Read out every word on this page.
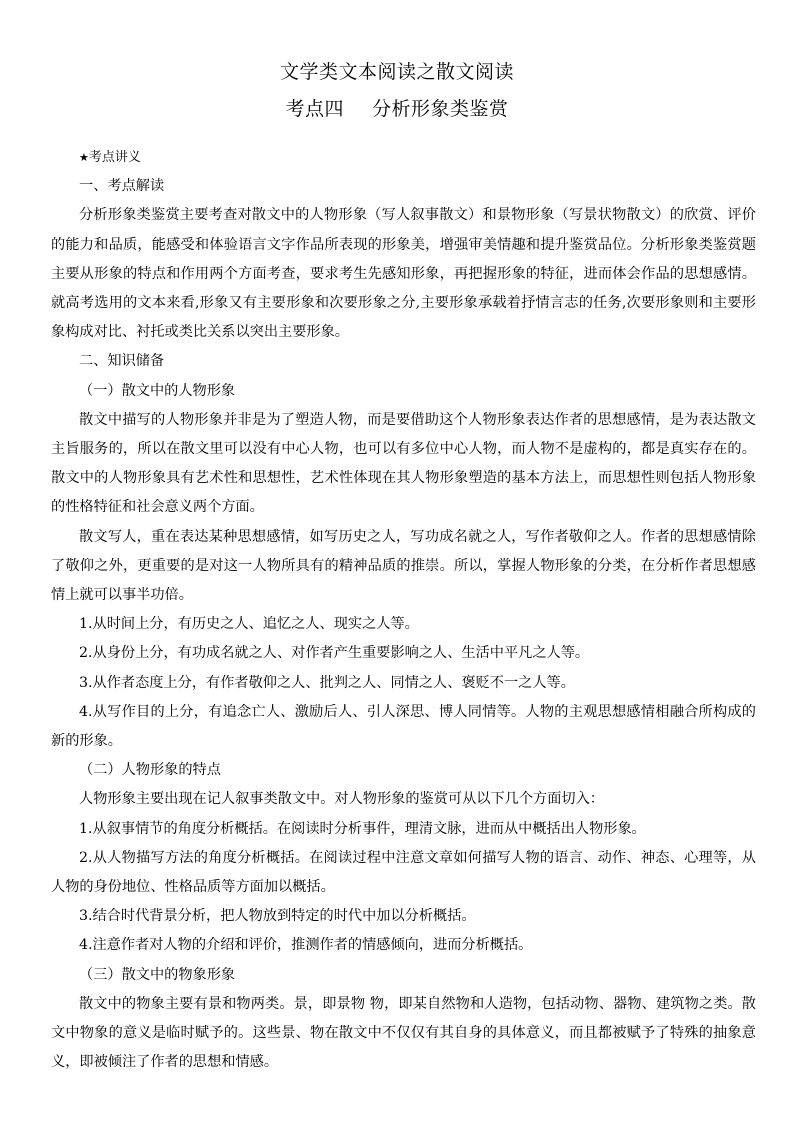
文学类文本阅读之散文阅读
考点四 分析形象类鉴赏

★考点讲义

一、考点解读

分析形象类鉴赏主要考查对散文中的人物形象（写人叙事散文）和景物形象（写景状物散文）的欣赏、评价的能力和品质，能感受和体验语言文字作品所表现的形象美，增强审美情趣和提升鉴赏品位。分析形象类鉴赏题主要从形象的特点和作用两个方面考查，要求考生先感知形象，再把握形象的特征，进而体会作品的思想感情。就高考选用的文本来看,形象又有主要形象和次要形象之分,主要形象承载着抒情言志的任务,次要形象则和主要形象构成对比、衬托或类比关系以突出主要形象。

二、知识储备

（一）散文中的人物形象

散文中描写的人物形象并非是为了塑造人物，而是要借助这个人物形象表达作者的思想感情，是为表达散文主旨服务的，所以在散文里可以没有中心人物，也可以有多位中心人物，而人物不是虚构的，都是真实存在的。散文中的人物形象具有艺术性和思想性，艺术性体现在其人物形象塑造的基本方法上，而思想性则包括人物形象的性格特征和社会意义两个方面。

散文写人，重在表达某种思想感情，如写历史之人，写功成名就之人，写作者敬仰之人。作者的思想感情除了敬仰之外，更重要的是对这一人物所具有的精神品质的推崇。所以，掌握人物形象的分类，在分析作者思想感情上就可以事半功倍。

1.从时间上分，有历史之人、追忆之人、现实之人等。

2.从身份上分，有功成名就之人、对作者产生重要影响之人、生活中平凡之人等。

3.从作者态度上分，有作者敬仰之人、批判之人、同情之人、褒贬不一之人等。

4.从写作目的上分，有追念亡人、激励后人、引人深思、博人同情等。人物的主观思想感情相融合所构成的新的形象。

（二）人物形象的特点

人物形象主要出现在记人叙事类散文中。对人物形象的鉴赏可从以下几个方面切入：

1.从叙事情节的角度分析概括。在阅读时分析事件，理清文脉，进而从中概括出人物形象。

2.从人物描写方法的角度分析概括。在阅读过程中注意文章如何描写人物的语言、动作、神态、心理等，从人物的身份地位、性格品质等方面加以概括。

3.结合时代背景分析，把人物放到特定的时代中加以分析概括。

4.注意作者对人物的介绍和评价，推测作者的情感倾向，进而分析概括。

（三）散文中的物象形象

散文中的物象主要有景和物两类。景，即景物 物，即某自然物和人造物，包括动物、器物、建筑物之类。散文中物象的意义是临时赋予的。这些景、物在散文中不仅仅有其自身的具体意义，而且都被赋予了特殊的抽象意义，即被倾注了作者的思想和情感。
